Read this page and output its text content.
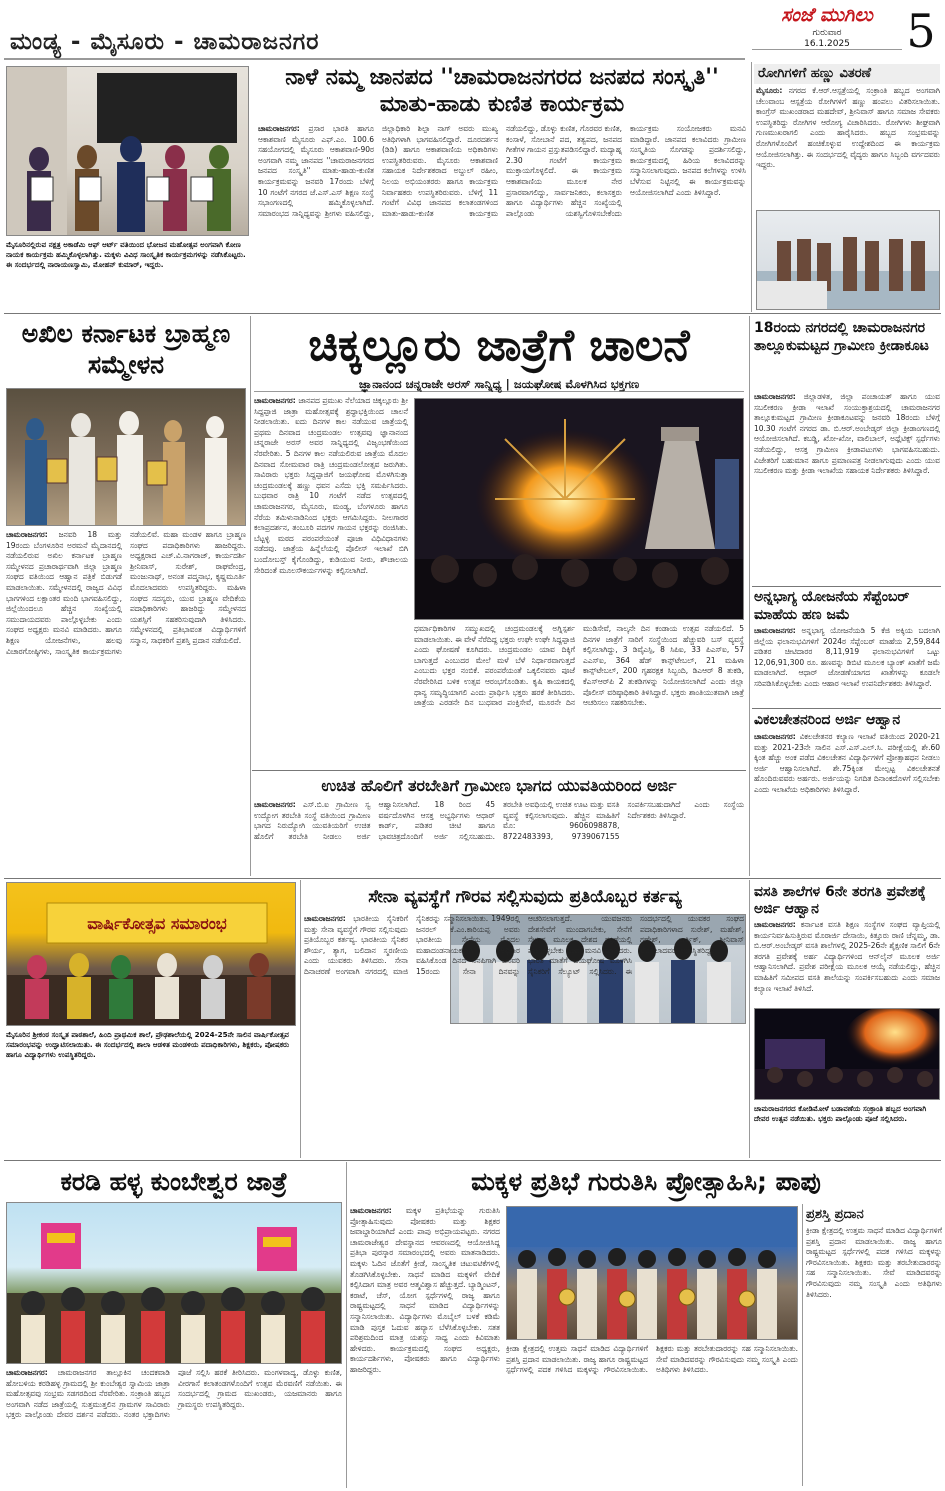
ಮಂಡ್ಯ - ಮೈಸೂರು - ಚಾಮರಾಜನಗರ
ಸಂಜೆ ಮುಗಿಲು
ಗುರುವಾರ
16.1.2025	5
ಮೈಸೂರಿನಲ್ಲಿರುವ ನಕ್ಷತ್ರ ಅಕಾಡೆಮಿ ಆಫ್ ಆರ್ಟ್ ವತಿಯಿಂದ ಭೋಜನ ಮಹೋತ್ಸವ ಅಂಗವಾಗಿ ಕೋಣ ನಾಯಕ ಕಾರ್ಯಕ್ರಮ ಹಮ್ಮಿಕೊಳ್ಳಲಾಗಿತ್ತು. ಮಕ್ಕಳು ವಿವಿಧ ಸಾಂಸ್ಕೃತಿಕ ಕಾರ್ಯಕ್ರಮಗಳನ್ನು ನಡೆಸಿಕೊಟ್ಟರು. ಈ ಸಂದರ್ಭದಲ್ಲಿ ನಾರಾಯಣಸ್ವಾಮಿ, ಮೋಹನ್ ಕುಮಾರ್, ಇದ್ದರು.
ನಾಳೆ ನಮ್ಮ ಜಾನಪದ ''ಚಾಮರಾಜನಗರದ ಜನಪದ ಸಂಸ್ಕೃತಿ'' ಮಾತು-ಹಾಡು ಕುಣಿತ ಕಾರ್ಯಕ್ರಮ
ಚಾಮರಾಜನಗರ: ಪ್ರಸಾರ ಭಾರತಿ ಹಾಗೂ ಆಕಾಶವಾಣಿ ಮೈಸೂರು ಎಫ್.ಎಂ. 100.6 ಸಹಯೋಗದಲ್ಲಿ ಮೈಸೂರು ಆಕಾಶವಾಣಿ-90ರ ಅಂಗವಾಗಿ ನಮ್ಮ ಜಾನಪದ ''ಚಾಮರಾಜನಗರದ ಜನಪದ ಸಂಸ್ಕೃತಿ'' ಮಾತು-ಹಾಡು-ಕುಣಿತ ಕಾರ್ಯಕ್ರಮವನ್ನು ಜನವರಿ 17ರಂದು ಬೆಳಿಗ್ಗೆ 10 ಗಂಟೆಗೆ ನಗರದ ಜೆ.ಎಸ್.ಎಸ್ ಶಿಕ್ಷಣ ಸಂಸ್ಥೆ ಸಭಾಂಗಣದಲ್ಲಿ ಹಮ್ಮಿಕೊಳ್ಳಲಾಗಿದೆ. ಸಮಾರಂಭದ ಸಾನ್ನಿಧ್ಯವನ್ನು ಶ್ರೀಗಳು ವಹಿಸಲಿದ್ದು, ಜಿಲ್ಲಾಧಿಕಾರಿ ಶಿಲ್ಪಾ ನಾಗ್ ಅವರು ಮುಖ್ಯ ಅತಿಥಿಗಳಾಗಿ ಭಾಗವಹಿಸಲಿದ್ದಾರೆ. ದೂರದರ್ಶನ (ಡಿಡಿ) ಹಾಗೂ ಆಕಾಶವಾಣಿಯ ಅಧಿಕಾರಿಗಳು ಉಪಸ್ಥಿತರಿರುವರು. ಮೈಸೂರು ಆಕಾಶವಾಣಿ ಸಹಾಯಕ ನಿರ್ದೇಶಕರಾದ ಅಬ್ದುಲ್ ರಹೀಂ, ನಿಲಯ ಅಭಿಯಂತರರು ಹಾಗೂ ಕಾರ್ಯಕ್ರಮ ನಿರ್ವಾಹಕರು ಉಪಸ್ಥಿತರಿರುವರು. ಬೆಳಿಗ್ಗೆ 11 ಗಂಟೆಗೆ ವಿವಿಧ ಜಾನಪದ ಕಲಾತಂಡಗಳಿಂದ ಮಾತು-ಹಾಡು-ಕುಣಿತ ಕಾರ್ಯಕ್ರಮ ನಡೆಯಲಿದ್ದು, ಡೊಳ್ಳು ಕುಣಿತ, ಗೊರವರ ಕುಣಿತ, ಕಂಸಾಳೆ, ಸೋಬಾನೆ ಪದ, ತತ್ವಪದ, ಜನಪದ ಗೀತೆಗಳ ಗಾಯನ ಪ್ರಸ್ತುತಪಡಿಸಲಿದ್ದಾರೆ. ಮದ್ಯಾಹ್ನ 2.30 ಗಂಟೆಗೆ ಕಾರ್ಯಕ್ರಮ ಮುಕ್ತಾಯಗೊಳ್ಳಲಿದೆ. ಈ ಕಾರ್ಯಕ್ರಮ ಆಕಾಶವಾಣಿಯ ಮೂಲಕ ನೇರ ಪ್ರಸಾರವಾಗಲಿದ್ದು, ಸಾರ್ವಜನಿಕರು, ಕಲಾಸಕ್ತರು ಹಾಗೂ ವಿದ್ಯಾರ್ಥಿಗಳು ಹೆಚ್ಚಿನ ಸಂಖ್ಯೆಯಲ್ಲಿ ಪಾಲ್ಗೊಂಡು ಯಶಸ್ವಿಗೊಳಿಸಬೇಕೆಂದು ಕಾರ್ಯಕ್ರಮ ಸಂಯೋಜಕರು ಮನವಿ ಮಾಡಿದ್ದಾರೆ. ಜಾನಪದ ಕಲಾವಿದರು ಗ್ರಾಮೀಣ ಸಂಸ್ಕೃತಿಯ ಸೊಗಡನ್ನು ಪ್ರದರ್ಶಿಸಲಿದ್ದು, ಕಾರ್ಯಕ್ರಮದಲ್ಲಿ ಹಿರಿಯ ಕಲಾವಿದರನ್ನು ಸನ್ಮಾನಿಸಲಾಗುವುದು. ಜನಪದ ಕಲೆಗಳನ್ನು ಉಳಿಸಿ ಬೆಳೆಸುವ ನಿಟ್ಟಿನಲ್ಲಿ ಈ ಕಾರ್ಯಕ್ರಮವನ್ನು ಆಯೋಜಿಸಲಾಗಿದೆ ಎಂದು ತಿಳಿಸಿದ್ದಾರೆ.
ರೋಗಿಗಳಿಗೆ ಹಣ್ಣು ವಿತರಣೆ
ಮೈಸೂರು: ನಗರದ ಕೆ.ಆರ್.ಆಸ್ಪತ್ರೆಯಲ್ಲಿ ಸಂಕ್ರಾಂತಿ ಹಬ್ಬದ ಅಂಗವಾಗಿ ಚೆಲುವಾಂಬ ಆಸ್ಪತ್ರೆಯ ರೋಗಿಗಳಿಗೆ ಹಣ್ಣು ಹಂಪಲು ವಿತರಿಸಲಾಯಿತು. ಕಾಂಗ್ರೆಸ್ ಮುಖಂಡರಾದ ಮಹದೇವ್, ಶ್ರೀನಿವಾಸ್ ಹಾಗೂ ಸಮಾಜ ಸೇವಕರು ಉಪಸ್ಥಿತರಿದ್ದು ರೋಗಿಗಳ ಆರೋಗ್ಯ ವಿಚಾರಿಸಿದರು. ರೋಗಿಗಳು ಶೀಘ್ರವಾಗಿ ಗುಣಮುಖರಾಗಲಿ ಎಂದು ಹಾರೈಸಿದರು. ಹಬ್ಬದ ಸಂಭ್ರಮವನ್ನು ರೋಗಿಗಳೊಂದಿಗೆ ಹಂಚಿಕೊಳ್ಳುವ ಉದ್ದೇಶದಿಂದ ಈ ಕಾರ್ಯಕ್ರಮ ಆಯೋಜಿಸಲಾಗಿತ್ತು. ಈ ಸಂದರ್ಭದಲ್ಲಿ ವೈದ್ಯರು ಹಾಗೂ ಸಿಬ್ಬಂದಿ ವರ್ಗದವರು ಇದ್ದರು.
ಅಖಿಲ ಕರ್ನಾಟಕ ಬ್ರಾಹ್ಮಣ ಸಮ್ಮೇಳನ
ಚಾಮರಾಜನಗರ: ಜನವರಿ 18 ಮತ್ತು 19ರಂದು ಬೆಂಗಳೂರಿನ ಅರಮನೆ ಮೈದಾನದಲ್ಲಿ ನಡೆಯಲಿರುವ ಅಖಿಲ ಕರ್ನಾಟಕ ಬ್ರಾಹ್ಮಣ ಸಮ್ಮೇಳನದ ಪ್ರಚಾರಾರ್ಥವಾಗಿ ಜಿಲ್ಲಾ ಬ್ರಾಹ್ಮಣ ಸಂಘದ ವತಿಯಿಂದ ಆಹ್ವಾನ ಪತ್ರಿಕೆ ಬಿಡುಗಡೆ ಮಾಡಲಾಯಿತು. ಸಮ್ಮೇಳನದಲ್ಲಿ ರಾಜ್ಯದ ವಿವಿಧ ಭಾಗಗಳಿಂದ ಲಕ್ಷಾಂತರ ಮಂದಿ ಭಾಗವಹಿಸಲಿದ್ದು, ಜಿಲ್ಲೆಯಿಂದಲೂ ಹೆಚ್ಚಿನ ಸಂಖ್ಯೆಯಲ್ಲಿ ಸಮುದಾಯದವರು ಪಾಲ್ಗೊಳ್ಳಬೇಕು ಎಂದು ಸಂಘದ ಅಧ್ಯಕ್ಷರು ಮನವಿ ಮಾಡಿದರು. ಹಾಗೂ ಶಿಕ್ಷಣ ಯೋಜನೆಗಳು, ಹಲವು ವಿಚಾರಗೋಷ್ಠಿಗಳು, ಸಾಂಸ್ಕೃತಿಕ ಕಾರ್ಯಕ್ರಮಗಳು ನಡೆಯಲಿವೆ. ಮಹಾ ಮಂಡಳ ಹಾಗೂ ಬ್ರಾಹ್ಮಣ ಸಂಘದ ಪದಾಧಿಕಾರಿಗಳು ಹಾಜರಿದ್ದರು. ಅಧ್ಯಕ್ಷರಾದ ಎಚ್.ವಿ.ನಾಗರಾಜ್, ಕಾರ್ಯದರ್ಶಿ ಶ್ರೀನಿವಾಸ್, ಸುರೇಶ್, ರಾಘವೇಂದ್ರ, ಮಂಜುನಾಥ್, ಅನಂತ ಪದ್ಮನಾಭ, ಕೃಷ್ಣಮೂರ್ತಿ ಮೊದಲಾದವರು ಉಪಸ್ಥಿತರಿದ್ದರು. ಮಹಿಳಾ ಸಂಘದ ಸದಸ್ಯರು, ಯುವ ಬ್ರಾಹ್ಮಣ ವೇದಿಕೆಯ ಪದಾಧಿಕಾರಿಗಳು ಹಾಜರಿದ್ದು ಸಮ್ಮೇಳನದ ಯಶಸ್ಸಿಗೆ ಸಹಕರಿಸುವುದಾಗಿ ತಿಳಿಸಿದರು. ಸಮ್ಮೇಳನದಲ್ಲಿ ಪ್ರತಿಭಾವಂತ ವಿದ್ಯಾರ್ಥಿಗಳಿಗೆ ಸನ್ಮಾನ, ಸಾಧಕರಿಗೆ ಪ್ರಶಸ್ತಿ ಪ್ರದಾನ ನಡೆಯಲಿದೆ.
ಚಿಕ್ಕಲ್ಲೂರು ಜಾತ್ರೆಗೆ ಚಾಲನೆ
ಜ್ಞಾನಾನಂದ ಚನ್ನರಾಜೇ ಅರಸ್ ಸಾನ್ನಿಧ್ಯ | ಜಯಘೋಷ ಮೊಳಗಿಸಿದ ಭಕ್ತಗಣ
ಚಾಮರಾಜನಗರ: ಜಾನಪದ ಪ್ರಮುಖ ನೆಲೆಯಾದ ಚಿಕ್ಕಲ್ಲೂರು ಶ್ರೀ ಸಿದ್ದಪ್ಪಾಜಿ ಜಾತ್ರಾ ಮಹೋತ್ಸವಕ್ಕೆ ಶ್ರದ್ಧಾಭಕ್ತಿಯಿಂದ ಚಾಲನೆ ನೀಡಲಾಯಿತು. ಐದು ದಿನಗಳ ಕಾಲ ನಡೆಯುವ ಜಾತ್ರೆಯಲ್ಲಿ ಪ್ರಥಮ ದಿನವಾದ ಚಂದ್ರಮಂಡಲ ಉತ್ಸವವು ಜ್ಞಾನಾನಂದ ಚನ್ನರಾಜೇ ಅರಸ್ ಅವರ ಸಾನ್ನಿಧ್ಯದಲ್ಲಿ ವಿಜೃಂಭಣೆಯಿಂದ ನೆರವೇರಿತು. 5 ದಿನಗಳ ಕಾಲ ನಡೆಯಲಿರುವ ಜಾತ್ರೆಯ ಮೊದಲ ದಿನವಾದ ಸೋಮವಾರ ರಾತ್ರಿ ಚಂದ್ರಮಂಡಲೋತ್ಸವ ಜರುಗಿತು. ಸಾವಿರಾರು ಭಕ್ತರು ಸಿದ್ದಪ್ಪಾಜಿಗೆ ಜಯಘೋಷ ಮೊಳಗಿಸುತ್ತಾ ಚಂದ್ರಮಂಡಲಕ್ಕೆ ಹಣ್ಣು ಧವನ ಎಸೆದು ಭಕ್ತಿ ಸಮರ್ಪಿಸಿದರು. ಬುಧವಾರ ರಾತ್ರಿ 10 ಗಂಟೆಗೆ ನಡೆದ ಉತ್ಸವದಲ್ಲಿ ಚಾಮರಾಜನಗರ, ಮೈಸೂರು, ಮಂಡ್ಯ, ಬೆಂಗಳೂರು ಹಾಗೂ ನೆರೆಯ ತಮಿಳುನಾಡಿನಿಂದ ಭಕ್ತರು ಆಗಮಿಸಿದ್ದರು. ನೀಲಗಾರರ ಕಲಾಪ್ರದರ್ಶನ, ತಂಬೂರಿ ಪದಗಳ ಗಾಯನ ಭಕ್ತರನ್ನು ರಂಜಿಸಿತು. ಬೆಟ್ಟಳ್ಳಿ ಮಠದ ಪರಂಪರೆಯಂತೆ ಪೂಜಾ ವಿಧಿವಿಧಾನಗಳು ನಡೆದವು. ಜಾತ್ರೆಯ ಹಿನ್ನೆಲೆಯಲ್ಲಿ ಪೊಲೀಸ್ ಇಲಾಖೆ ಬಿಗಿ ಬಂದೋಬಸ್ತ್ ಕೈಗೊಂಡಿದ್ದು, ಕುಡಿಯುವ ನೀರು, ಶೌಚಾಲಯ ಸೇರಿದಂತೆ ಮೂಲಸೌಕರ್ಯಗಳನ್ನು ಕಲ್ಪಿಸಲಾಗಿದೆ.
ಧರ್ಮಾಧಿಕಾರಿಗಳ ಸಮ್ಮುಖದಲ್ಲಿ ಚಂದ್ರಮಂಡಲಕ್ಕೆ ಅಗ್ನಿಸ್ಪರ್ಶ ಮಾಡಲಾಯಿತು. ಈ ವೇಳೆ ನೆರೆದಿದ್ದ ಭಕ್ತರು ಉಘೇ ಉಘೇ ಸಿದ್ದಪ್ಪಾಜಿ ಎಂದು ಘೋಷಣೆ ಕೂಗಿದರು. ಚಂದ್ರಮಂಡಲ ಯಾವ ದಿಕ್ಕಿಗೆ ಬಾಗುತ್ತದೆ ಎಂಬುದರ ಮೇಲೆ ಮಳೆ ಬೆಳೆ ನಿರ್ಧಾರವಾಗುತ್ತದೆ ಎಂಬುದು ಭಕ್ತರ ನಂಬಿಕೆ. ಪರಂಪರೆಯಂತೆ ಒಕ್ಕಲಿನವರು ಪೂಜೆ ನೆರವೇರಿಸಿದ ಬಳಿಕ ಉತ್ಸವ ಆರಂಭಗೊಂಡಿತು. ಕೃಷಿ ಕಾಯಕದಲ್ಲಿ ಧಾನ್ಯ ಸಮೃದ್ಧಿಯಾಗಲಿ ಎಂದು ಪ್ರಾರ್ಥಿಸಿ ಭಕ್ತರು ಹರಕೆ ತೀರಿಸಿದರು. ಜಾತ್ರೆಯ ಎರಡನೇ ದಿನ ಬುಧವಾರ ಪಂಕ್ತಿಸೇವೆ, ಮೂರನೇ ದಿನ ಮುಡಿಸೇವೆ, ನಾಲ್ಕನೇ ದಿನ ಕಂಡಾಯ ಉತ್ಸವ ನಡೆಯಲಿದೆ. 5 ದಿನಗಳ ಜಾತ್ರೆಗೆ ಸಾರಿಗೆ ಸಂಸ್ಥೆಯಿಂದ ಹೆಚ್ಚುವರಿ ಬಸ್ ವ್ಯವಸ್ಥೆ ಕಲ್ಪಿಸಲಾಗಿದ್ದು, 3 ಡಿವೈಎಸ್ಪಿ, 8 ಸಿಪಿಐ, 33 ಪಿಎಸ್ಐ, 57 ಎಎಸ್ಐ, 364 ಹೆಡ್ ಕಾನ್ಸ್‌ಟೇಬಲ್, 21 ಮಹಿಳಾ ಕಾನ್ಸ್‌ಟೇಬಲ್, 200 ಗೃಹರಕ್ಷಕ ಸಿಬ್ಬಂದಿ, ಡಿಎಆರ್ 8 ತುಕಡಿ, ಕೆಎಸ್ಆರ್‌ಪಿ 2 ತುಕಡಿಗಳನ್ನು ನಿಯೋಜಿಸಲಾಗಿದೆ ಎಂದು ಜಿಲ್ಲಾ ಪೊಲೀಸ್ ವರಿಷ್ಠಾಧಿಕಾರಿ ತಿಳಿಸಿದ್ದಾರೆ. ಭಕ್ತರು ಶಾಂತಿಯುತವಾಗಿ ಜಾತ್ರೆ ಆಚರಿಸಲು ಸಹಕರಿಸಬೇಕು.
ಉಚಿತ ಹೊಲಿಗೆ ತರಬೇತಿಗೆ ಗ್ರಾಮೀಣ ಭಾಗದ ಯುವತಿಯರಿಂದ ಅರ್ಜಿ
ಚಾಮರಾಜನಗರ: ಎಸ್.ಬಿ.ಐ ಗ್ರಾಮೀಣ ಸ್ವ ಉದ್ಯೋಗ ತರಬೇತಿ ಸಂಸ್ಥೆ ವತಿಯಿಂದ ಗ್ರಾಮೀಣ ಭಾಗದ ನಿರುದ್ಯೋಗಿ ಯುವತಿಯರಿಗೆ ಉಚಿತ ಹೊಲಿಗೆ ತರಬೇತಿ ನೀಡಲು ಅರ್ಜಿ ಆಹ್ವಾನಿಸಲಾಗಿದೆ. 18 ರಿಂದ 45 ವರ್ಷದೊಳಗಿನ ಆಸಕ್ತ ಅಭ್ಯರ್ಥಿಗಳು ಆಧಾರ್ ಕಾರ್ಡ್, ಪಡಿತರ ಚೀಟಿ ಹಾಗೂ ಭಾವಚಿತ್ರದೊಂದಿಗೆ ಅರ್ಜಿ ಸಲ್ಲಿಸಬಹುದು. ತರಬೇತಿ ಅವಧಿಯಲ್ಲಿ ಉಚಿತ ಊಟ ಮತ್ತು ವಸತಿ ವ್ಯವಸ್ಥೆ ಕಲ್ಪಿಸಲಾಗುವುದು. ಹೆಚ್ಚಿನ ಮಾಹಿತಿಗೆ ಮೊ: 9606098878, 8722483393, 9739067155 ಸಂಪರ್ಕಿಸಬಹುದಾಗಿದೆ ಎಂದು ಸಂಸ್ಥೆಯ ನಿರ್ದೇಶಕರು ತಿಳಿಸಿದ್ದಾರೆ.
18ರಂದು ನಗರದಲ್ಲಿ ಚಾಮರಾಜನಗರ ತಾಲ್ಲೂಕುಮಟ್ಟದ ಗ್ರಾಮೀಣ ಕ್ರೀಡಾಕೂಟ
ಚಾಮರಾಜನಗರ: ಜಿಲ್ಲಾಡಳಿತ, ಜಿಲ್ಲಾ ಪಂಚಾಯತ್ ಹಾಗೂ ಯುವ ಸಬಲೀಕರಣ ಕ್ರೀಡಾ ಇಲಾಖೆ ಸಂಯುಕ್ತಾಶ್ರಯದಲ್ಲಿ ಚಾಮರಾಜನಗರ ತಾಲ್ಲೂಕುಮಟ್ಟದ ಗ್ರಾಮೀಣ ಕ್ರೀಡಾಕೂಟವನ್ನು ಜನವರಿ 18ರಂದು ಬೆಳಿಗ್ಗೆ 10.30 ಗಂಟೆಗೆ ನಗರದ ಡಾ. ಬಿ.ಆರ್.ಅಂಬೇಡ್ಕರ್ ಜಿಲ್ಲಾ ಕ್ರೀಡಾಂಗಣದಲ್ಲಿ ಆಯೋಜಿಸಲಾಗಿದೆ. ಕಬಡ್ಡಿ, ಖೋ-ಖೋ, ವಾಲಿಬಾಲ್, ಅಥ್ಲೆಟಿಕ್ಸ್ ಸ್ಪರ್ಧೆಗಳು ನಡೆಯಲಿದ್ದು, ಆಸಕ್ತ ಗ್ರಾಮೀಣ ಕ್ರೀಡಾಪಟುಗಳು ಭಾಗವಹಿಸಬಹುದು. ವಿಜೇತರಿಗೆ ಬಹುಮಾನ ಹಾಗೂ ಪ್ರಮಾಣಪತ್ರ ನೀಡಲಾಗುವುದು ಎಂದು ಯುವ ಸಬಲೀಕರಣ ಮತ್ತು ಕ್ರೀಡಾ ಇಲಾಖೆಯ ಸಹಾಯಕ ನಿರ್ದೇಶಕರು ತಿಳಿಸಿದ್ದಾರೆ.
ಅನ್ನಭಾಗ್ಯ ಯೋಜನೆಯ ಸೆಪ್ಟೆಂಬರ್ ಮಾಹೆಯ ಹಣ ಜಮೆ
ಚಾಮರಾಜನಗರ: ಅನ್ನಭಾಗ್ಯ ಯೋಜನೆಯಡಿ 5 ಕೆಜಿ ಅಕ್ಕಿಯ ಬದಲಾಗಿ ಜಿಲ್ಲೆಯ ಫಲಾನುಭವಿಗಳಿಗೆ 2024ರ ಸೆಪ್ಟೆಂಬರ್ ಮಾಹೆಯ 2,59,844 ಪಡಿತರ ಚೀಟಿದಾರರ 8,11,919 ಫಲಾನುಭವಿಗಳಿಗೆ ಒಟ್ಟು 12,06,91,300 ರೂ. ಹಣವನ್ನು ಡಿಬಿಟಿ ಮೂಲಕ ಬ್ಯಾಂಕ್ ಖಾತೆಗೆ ಜಮೆ ಮಾಡಲಾಗಿದೆ. ಆಧಾರ್ ಜೋಡಣೆಯಾಗದ ಖಾತೆಗಳನ್ನು ಕೂಡಲೇ ಸರಿಪಡಿಸಿಕೊಳ್ಳಬೇಕು ಎಂದು ಆಹಾರ ಇಲಾಖೆ ಉಪನಿರ್ದೇಶಕರು ತಿಳಿಸಿದ್ದಾರೆ.
ವಿಕಲಚೇತನರಿಂದ ಅರ್ಜಿ ಆಹ್ವಾನ
ಚಾಮರಾಜನಗರ: ವಿಕಲಚೇತನರ ಕಲ್ಯಾಣ ಇಲಾಖೆ ವತಿಯಿಂದ 2020-21 ಮತ್ತು 2021-23ನೇ ಸಾಲಿನ ಎಸ್.ಎಸ್.ಎಲ್.ಸಿ. ಪರೀಕ್ಷೆಯಲ್ಲಿ ಶೇ.60 ಕ್ಕಿಂತ ಹೆಚ್ಚು ಅಂಕ ಪಡೆದ ವಿಕಲಚೇತನ ವಿದ್ಯಾರ್ಥಿಗಳಿಗೆ ಪ್ರೋತ್ಸಾಹಧನ ನೀಡಲು ಅರ್ಜಿ ಆಹ್ವಾನಿಸಲಾಗಿದೆ. ಶೇ.75ಕ್ಕಿಂತ ಮೇಲ್ಪಟ್ಟ ವಿಕಲಚೇತನತೆ ಹೊಂದಿರುವವರು ಅರ್ಹರು. ಅರ್ಜಿಯನ್ನು ನಿಗದಿತ ದಿನಾಂಕದೊಳಗೆ ಸಲ್ಲಿಸಬೇಕು ಎಂದು ಇಲಾಖೆಯ ಅಧಿಕಾರಿಗಳು ತಿಳಿಸಿದ್ದಾರೆ.
ವಾರ್ಷಿಕೋತ್ಸವ ಸಮಾರಂಭ
ಮೈಸೂರಿನ ಶ್ರೀಕಂಠ ಸಂಸ್ಕೃತ ಪಾಠಶಾಲೆ, ಹಿಂದಿ ಪ್ರಾಥಮಿಕ ಶಾಲೆ, ಪ್ರೌಢಶಾಲೆಯಲ್ಲಿ 2024-25ನೇ ಸಾಲಿನ ವಾರ್ಷಿಕೋತ್ಸವ ಸಮಾರಂಭವನ್ನು ಉದ್ಘಾಟಿಸಲಾಯಿತು. ಈ ಸಂದರ್ಭದಲ್ಲಿ ಶಾಲಾ ಆಡಳಿತ ಮಂಡಳಿಯ ಪದಾಧಿಕಾರಿಗಳು, ಶಿಕ್ಷಕರು, ಪೋಷಕರು ಹಾಗೂ ವಿದ್ಯಾರ್ಥಿಗಳು ಉಪಸ್ಥಿತರಿದ್ದರು.
ಸೇನಾ ವ್ಯವಸ್ಥೆಗೆ ಗೌರವ ಸಲ್ಲಿಸುವುದು ಪ್ರತಿಯೊಬ್ಬರ ಕರ್ತವ್ಯ
ಚಾಮರಾಜನಗರ: ಭಾರತೀಯ ಸೈನಿಕರಿಗೆ ಮತ್ತು ಸೇನಾ ವ್ಯವಸ್ಥೆಗೆ ಗೌರವ ಸಲ್ಲಿಸುವುದು ಪ್ರತಿಯೊಬ್ಬರ ಕರ್ತವ್ಯ. ಭಾರತೀಯ ಸೈನಿಕರ ಶೌರ್ಯ, ತ್ಯಾಗ, ಬಲಿದಾನ ಸ್ಮರಣೀಯ ಎಂದು ಯುವಕರು ತಿಳಿಸಿದರು. ಸೇನಾ ದಿನಾಚರಣೆ ಅಂಗವಾಗಿ ನಗರದಲ್ಲಿ ಮಾಜಿ ಸೈನಿಕರನ್ನು ಸನ್ಮಾನಿಸಲಾಯಿತು. 1949ರಲ್ಲಿ ಜನರಲ್ ಕೆ.ಎಂ.ಕಾರಿಯಪ್ಪ ಅವರು ಭಾರತೀಯ ಸೇನೆಯ ಮೊದಲ ಮಹಾದಂಡನಾಯಕರಾಗಿ ಅಧಿಕಾರ ವಹಿಸಿಕೊಂಡ ದಿನದ ನೆನಪಿಗಾಗಿ ಜನವರಿ 15ರಂದು ಸೇನಾ ದಿನವನ್ನು ಆಚರಿಸಲಾಗುತ್ತದೆ. ಯುವಜನರು ದೇಶಸೇವೆಗೆ ಮುಂದಾಗಬೇಕು, ಸೇನೆಗೆ ಸೇರುವ ಮೂಲಕ ದೇಶದ ರಕ್ಷಣೆಯಲ್ಲಿ ಪಾಲ್ಗೊಳ್ಳಬೇಕು ಎಂದು ಮನವಿ ಮಾಡಿದರು. ಭಾರತ ಮಾತೆಗೆ ಜಯಘೋಷ ಮೊಳಗಿಸಿ ಸೈನಿಕರಿಗೆ ಸೆಲ್ಯೂಟ್ ಸಲ್ಲಿಸಿದರು. ಈ ಸಂದರ್ಭದಲ್ಲಿ ಯುವಕರ ಸಂಘದ ಪದಾಧಿಕಾರಿಗಳಾದ ಸುರೇಶ್, ಮಹೇಶ್, ಗಣೇಶ್, ಕಾರ್ತಿಕ್, ಶ್ರೀನಿವಾಸ್ ಮೊದಲಾದವರು ಉಪಸ್ಥಿತರಿದ್ದರು.
ವಸತಿ ಶಾಲೆಗಳ 6ನೇ ತರಗತಿ ಪ್ರವೇಶಕ್ಕೆ ಅರ್ಜಿ ಆಹ್ವಾನ
ಚಾಮರಾಜನಗರ: ಕರ್ನಾಟಕ ವಸತಿ ಶಿಕ್ಷಣ ಸಂಸ್ಥೆಗಳ ಸಂಘದ ವ್ಯಾಪ್ತಿಯಲ್ಲಿ ಕಾರ್ಯನಿರ್ವಹಿಸುತ್ತಿರುವ ಮೊರಾರ್ಜಿ ದೇಸಾಯಿ, ಕಿತ್ತೂರು ರಾಣಿ ಚೆನ್ನಮ್ಮ, ಡಾ. ಬಿ.ಆರ್.ಅಂಬೇಡ್ಕರ್ ವಸತಿ ಶಾಲೆಗಳಲ್ಲಿ 2025-26ನೇ ಶೈಕ್ಷಣಿಕ ಸಾಲಿಗೆ 6ನೇ ತರಗತಿ ಪ್ರವೇಶಕ್ಕೆ ಅರ್ಹ ವಿದ್ಯಾರ್ಥಿಗಳಿಂದ ಆನ್‌ಲೈನ್ ಮೂಲಕ ಅರ್ಜಿ ಆಹ್ವಾನಿಸಲಾಗಿದೆ. ಪ್ರವೇಶ ಪರೀಕ್ಷೆಯ ಮೂಲಕ ಆಯ್ಕೆ ನಡೆಯಲಿದ್ದು, ಹೆಚ್ಚಿನ ಮಾಹಿತಿಗೆ ಸಮೀಪದ ವಸತಿ ಶಾಲೆಯನ್ನು ಸಂಪರ್ಕಿಸಬಹುದು ಎಂದು ಸಮಾಜ ಕಲ್ಯಾಣ ಇಲಾಖೆ ತಿಳಿಸಿದೆ.
ಚಾಮರಾಜನಗರದ ಕೋಡಿಮೋಳೆ ಬಡಾವಣೆಯ ಸಂಕ್ರಾಂತಿ ಹಬ್ಬದ ಅಂಗವಾಗಿ ದೇವರ ಉತ್ಸವ ನಡೆಯಿತು. ಭಕ್ತರು ಪಾಲ್ಗೊಂಡು ಪೂಜೆ ಸಲ್ಲಿಸಿದರು.
ಕರಡಿ ಹಳ್ಳ ಕುಂಬೇಶ್ವರ ಜಾತ್ರೆ
ಚಾಮರಾಜನಗರ: ಚಾಮರಾಜನಗರ ತಾಲ್ಲೂಕಿನ ಚಂದಕವಾಡಿ ಹೋಬಳಿಯ ಕರಡಿಹಳ್ಳ ಗ್ರಾಮದಲ್ಲಿ ಶ್ರೀ ಕುಂಬೇಶ್ವರ ಸ್ವಾಮಿಯ ಜಾತ್ರಾ ಮಹೋತ್ಸವವು ಸಂಭ್ರಮ ಸಡಗರದಿಂದ ನೆರವೇರಿತು. ಸಂಕ್ರಾಂತಿ ಹಬ್ಬದ ಅಂಗವಾಗಿ ನಡೆದ ಜಾತ್ರೆಯಲ್ಲಿ ಸುತ್ತಮುತ್ತಲಿನ ಗ್ರಾಮಗಳ ಸಾವಿರಾರು ಭಕ್ತರು ಪಾಲ್ಗೊಂಡು ದೇವರ ದರ್ಶನ ಪಡೆದರು. ನಂತರ ಭಕ್ತಾದಿಗಳು ಪೂಜೆ ಸಲ್ಲಿಸಿ ಹರಕೆ ತೀರಿಸಿದರು. ಮಂಗಳವಾದ್ಯ, ಡೊಳ್ಳು ಕುಣಿತ, ವೀರಗಾಸೆ ಕಲಾತಂಡಗಳೊಂದಿಗೆ ಉತ್ಸವ ಮೆರವಣಿಗೆ ನಡೆಯಿತು. ಈ ಸಂದರ್ಭದಲ್ಲಿ ಗ್ರಾಮದ ಮುಖಂಡರು, ಯಜಮಾನರು ಹಾಗೂ ಗ್ರಾಮಸ್ಥರು ಉಪಸ್ಥಿತರಿದ್ದರು.
ಮಕ್ಕಳ ಪ್ರತಿಭೆ ಗುರುತಿಸಿ ಪ್ರೋತ್ಸಾಹಿಸಿ; ಪಾಪು
ಚಾಮರಾಜನಗರ: ಮಕ್ಕಳ ಪ್ರತಿಭೆಯನ್ನು ಗುರುತಿಸಿ ಪ್ರೋತ್ಸಾಹಿಸುವುದು ಪೋಷಕರು ಮತ್ತು ಶಿಕ್ಷಕರ ಜವಾಬ್ದಾರಿಯಾಗಿದೆ ಎಂದು ಪಾಪು ಅಭಿಪ್ರಾಯಪಟ್ಟರು. ನಗರದ ಚಾಮರಾಜೇಶ್ವರ ದೇವಸ್ಥಾನದ ಆವರಣದಲ್ಲಿ ಆಯೋಜಿಸಿದ್ದ ಪ್ರತಿಭಾ ಪುರಸ್ಕಾರ ಸಮಾರಂಭದಲ್ಲಿ ಅವರು ಮಾತನಾಡಿದರು. ಮಕ್ಕಳು ಓದಿನ ಜೊತೆಗೆ ಕ್ರೀಡೆ, ಸಾಂಸ್ಕೃತಿಕ ಚಟುವಟಿಕೆಗಳಲ್ಲಿ ತೊಡಗಿಸಿಕೊಳ್ಳಬೇಕು. ಸಾಧನೆ ಮಾಡಿದ ಮಕ್ಕಳಿಗೆ ವೇದಿಕೆ ಕಲ್ಪಿಸಿದಾಗ ಮಾತ್ರ ಅವರ ಆತ್ಮವಿಶ್ವಾಸ ಹೆಚ್ಚುತ್ತದೆ. ಬ್ಯಾಡ್ಮಿಂಟನ್, ಕರಾಟೆ, ಚೆಸ್, ಯೋಗ ಸ್ಪರ್ಧೆಗಳಲ್ಲಿ ರಾಜ್ಯ ಹಾಗೂ ರಾಷ್ಟ್ರಮಟ್ಟದಲ್ಲಿ ಸಾಧನೆ ಮಾಡಿದ ವಿದ್ಯಾರ್ಥಿಗಳನ್ನು ಸನ್ಮಾನಿಸಲಾಯಿತು. ವಿದ್ಯಾರ್ಥಿಗಳು ಮೊಬೈಲ್ ಬಳಕೆ ಕಡಿಮೆ ಮಾಡಿ ಪುಸ್ತಕ ಓದುವ ಹವ್ಯಾಸ ಬೆಳೆಸಿಕೊಳ್ಳಬೇಕು. ಸತತ ಪರಿಶ್ರಮದಿಂದ ಮಾತ್ರ ಯಶಸ್ಸು ಸಾಧ್ಯ ಎಂದು ಕಿವಿಮಾತು ಹೇಳಿದರು. ಕಾರ್ಯಕ್ರಮದಲ್ಲಿ ಸಂಘದ ಅಧ್ಯಕ್ಷರು, ಕಾರ್ಯದರ್ಶಿಗಳು, ಪೋಷಕರು ಹಾಗೂ ವಿದ್ಯಾರ್ಥಿಗಳು ಹಾಜರಿದ್ದರು.
ಕ್ರೀಡಾ ಕ್ಷೇತ್ರದಲ್ಲಿ ಉತ್ತಮ ಸಾಧನೆ ಮಾಡಿದ ವಿದ್ಯಾರ್ಥಿಗಳಿಗೆ ಪ್ರಶಸ್ತಿ ಪ್ರದಾನ ಮಾಡಲಾಯಿತು. ರಾಜ್ಯ ಹಾಗೂ ರಾಷ್ಟ್ರಮಟ್ಟದ ಸ್ಪರ್ಧೆಗಳಲ್ಲಿ ಪದಕ ಗಳಿಸಿದ ಮಕ್ಕಳನ್ನು ಗೌರವಿಸಲಾಯಿತು. ಶಿಕ್ಷಕರು ಮತ್ತು ತರಬೇತುದಾರರನ್ನು ಸಹ ಸನ್ಮಾನಿಸಲಾಯಿತು. ಸೇವೆ ಮಾಡಿದವರನ್ನು ಗೌರವಿಸುವುದು ನಮ್ಮ ಸಂಸ್ಕೃತಿ ಎಂದು ಅತಿಥಿಗಳು ತಿಳಿಸಿದರು.
ಪ್ರಶಸ್ತಿ ಪ್ರದಾನ
ಕ್ರೀಡಾ ಕ್ಷೇತ್ರದಲ್ಲಿ ಉತ್ತಮ ಸಾಧನೆ ಮಾಡಿದ ವಿದ್ಯಾರ್ಥಿಗಳಿಗೆ ಪ್ರಶಸ್ತಿ ಪ್ರದಾನ ಮಾಡಲಾಯಿತು. ರಾಜ್ಯ ಹಾಗೂ ರಾಷ್ಟ್ರಮಟ್ಟದ ಸ್ಪರ್ಧೆಗಳಲ್ಲಿ ಪದಕ ಗಳಿಸಿದ ಮಕ್ಕಳನ್ನು ಗೌರವಿಸಲಾಯಿತು. ಶಿಕ್ಷಕರು ಮತ್ತು ತರಬೇತುದಾರರನ್ನು ಸಹ ಸನ್ಮಾನಿಸಲಾಯಿತು. ಸೇವೆ ಮಾಡಿದವರನ್ನು ಗೌರವಿಸುವುದು ನಮ್ಮ ಸಂಸ್ಕೃತಿ ಎಂದು ಅತಿಥಿಗಳು ತಿಳಿಸಿದರು.
